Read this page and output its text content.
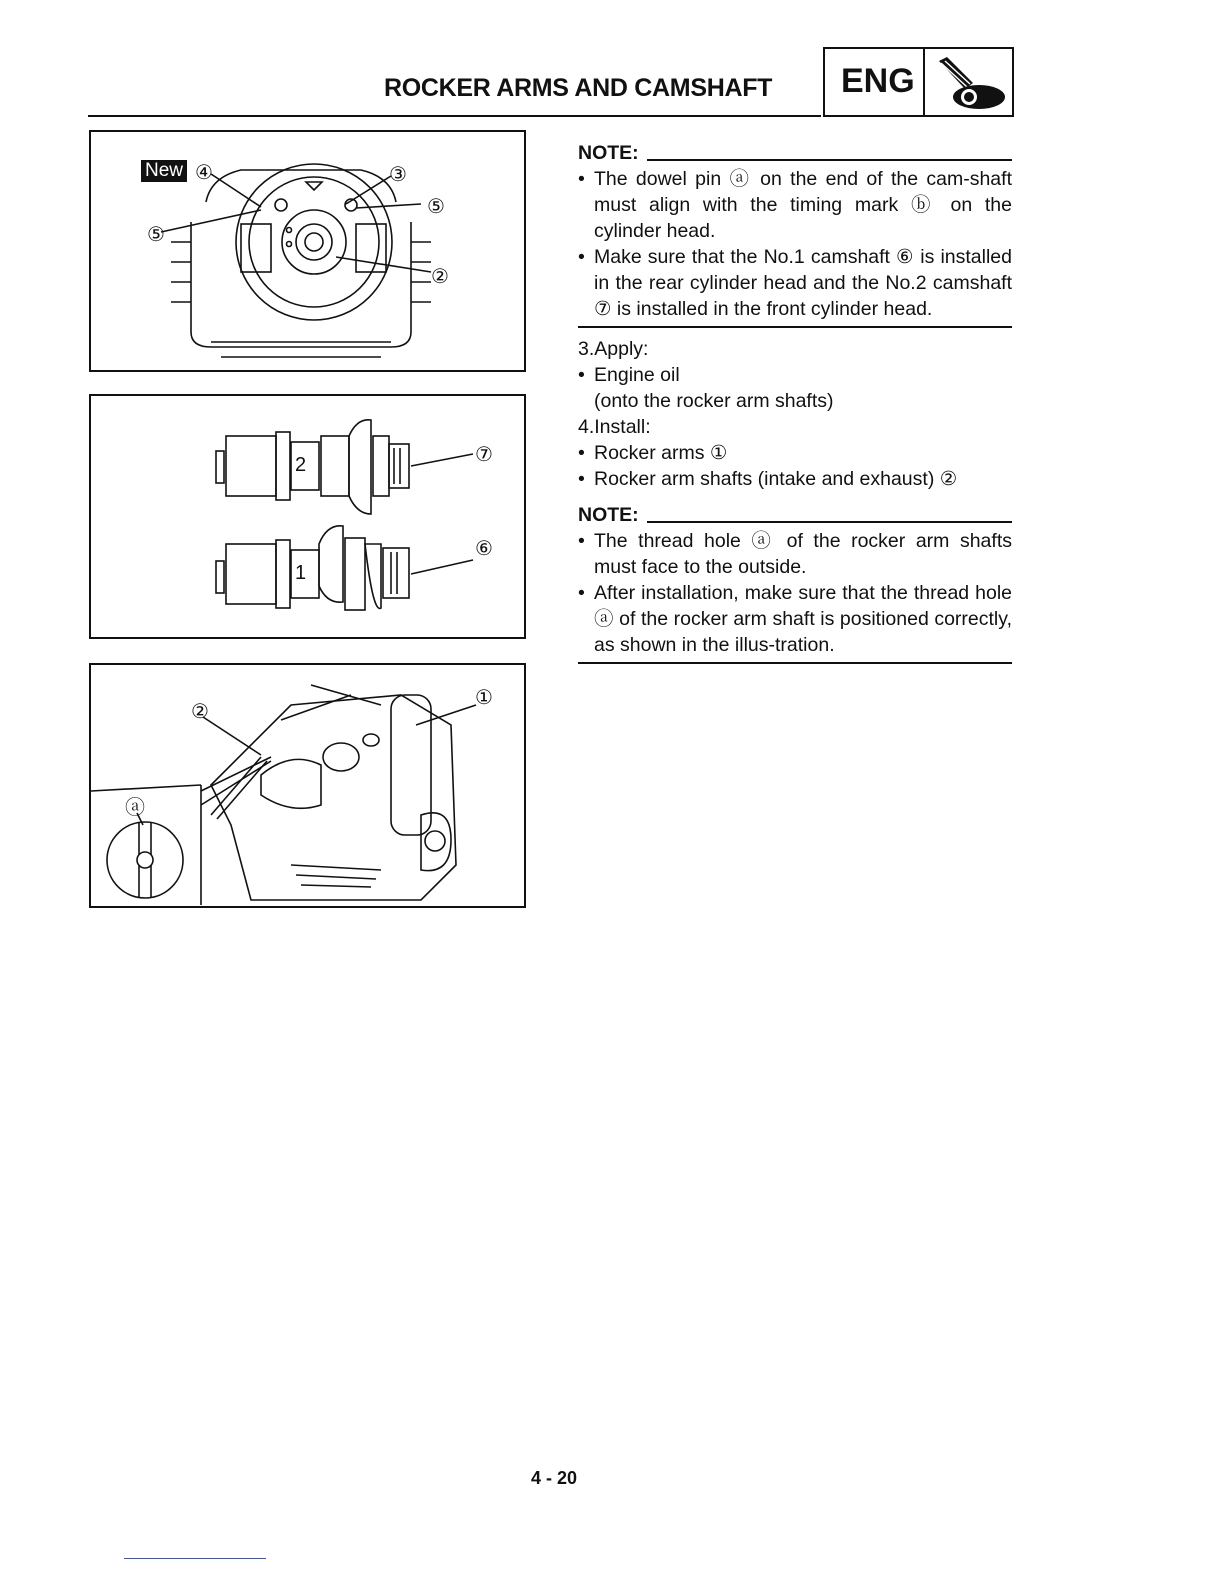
ROCKER ARMS AND CAMSHAFT ENG
New ④	③
⑤
⑤
②
2
1
⑦
⑥
②
①
ⓐ
NOTE:
• The dowel pin ⓐ on the end of the cam-shaft must align with the timing mark ⓑ on the cylinder head.
• Make sure that the No.1 camshaft ⑥ is installed in the rear cylinder head and the No.2 camshaft ⑦ is installed in the front cylinder head.
3.Apply:
• Engine oil
(onto the rocker arm shafts)
4.Install:
• Rocker arms ①
• Rocker arm shafts (intake and exhaust) ②
NOTE:
• The thread hole ⓐ of the rocker arm shafts must face to the outside.
• After installation, make sure that the thread hole ⓐ of the rocker arm shaft is positioned correctly, as shown in the illus-tration.
4 - 20
